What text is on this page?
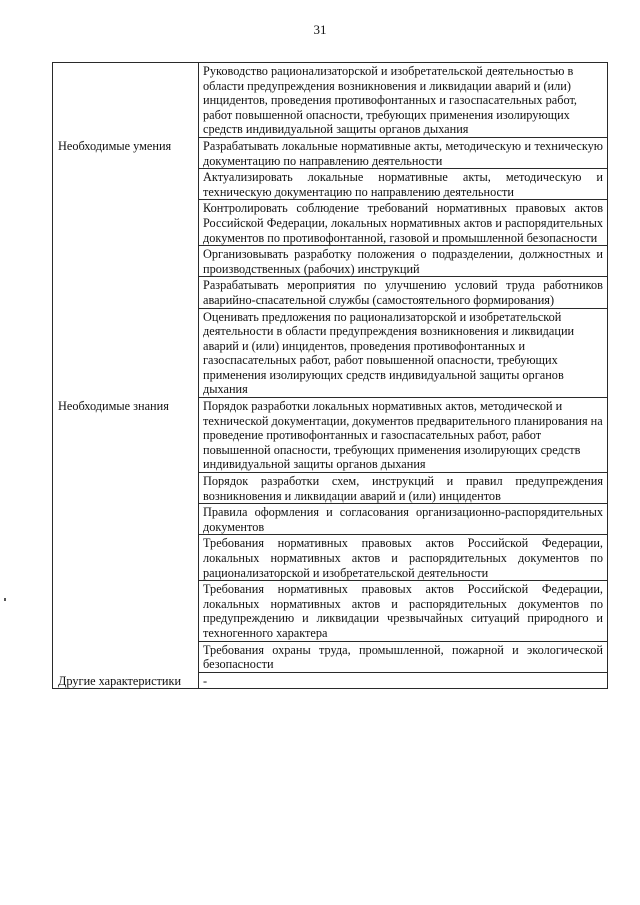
31
	Руководство рационализаторской и изобретательской деятельностью в области предупреждения возникновения и ликвидации аварий и (или) инцидентов, проведения противофонтанных и газоспасательных работ, работ повышенной опасности, требующих применения изолирующих средств индивидуальной защиты органов дыхания
Необходимые умения	Разрабатывать локальные нормативные акты, методическую и техническую документацию по направлению деятельности
	Актуализировать локальные нормативные акты, методическую и техническую документацию по направлению деятельности
	Контролировать соблюдение требований нормативных правовых актов Российской Федерации, локальных нормативных актов и распорядительных документов по противофонтанной, газовой и промышленной безопасности
	Организовывать разработку положения о подразделении, должностных и производственных (рабочих) инструкций
	Разрабатывать мероприятия по улучшению условий труда работников аварийно-спасательной службы (самостоятельного формирования)
	Оценивать предложения по рационализаторской и изобретательской деятельности в области предупреждения возникновения и ликвидации аварий и (или) инцидентов, проведения противофонтанных и газоспасательных работ, работ повышенной опасности, требующих применения изолирующих средств индивидуальной защиты органов дыхания
Необходимые знания	Порядок разработки локальных нормативных актов, методической и технической документации, документов предварительного планирования на проведение противофонтанных и газоспасательных работ, работ повышенной опасности, требующих применения изолирующих средств индивидуальной защиты органов дыхания
	Порядок разработки схем, инструкций и правил предупреждения возникновения и ликвидации аварий и (или) инцидентов
	Правила оформления и согласования организационно-распорядительных документов
	Требования нормативных правовых актов Российской Федерации, локальных нормативных актов и распорядительных документов по рационализаторской и изобретательской деятельности
	Требования нормативных правовых актов Российской Федерации, локальных нормативных актов и распорядительных документов по предупреждению и ликвидации чрезвычайных ситуаций природного и техногенного характера
	Требования охраны труда, промышленной, пожарной и экологической безопасности
Другие характеристики	-
